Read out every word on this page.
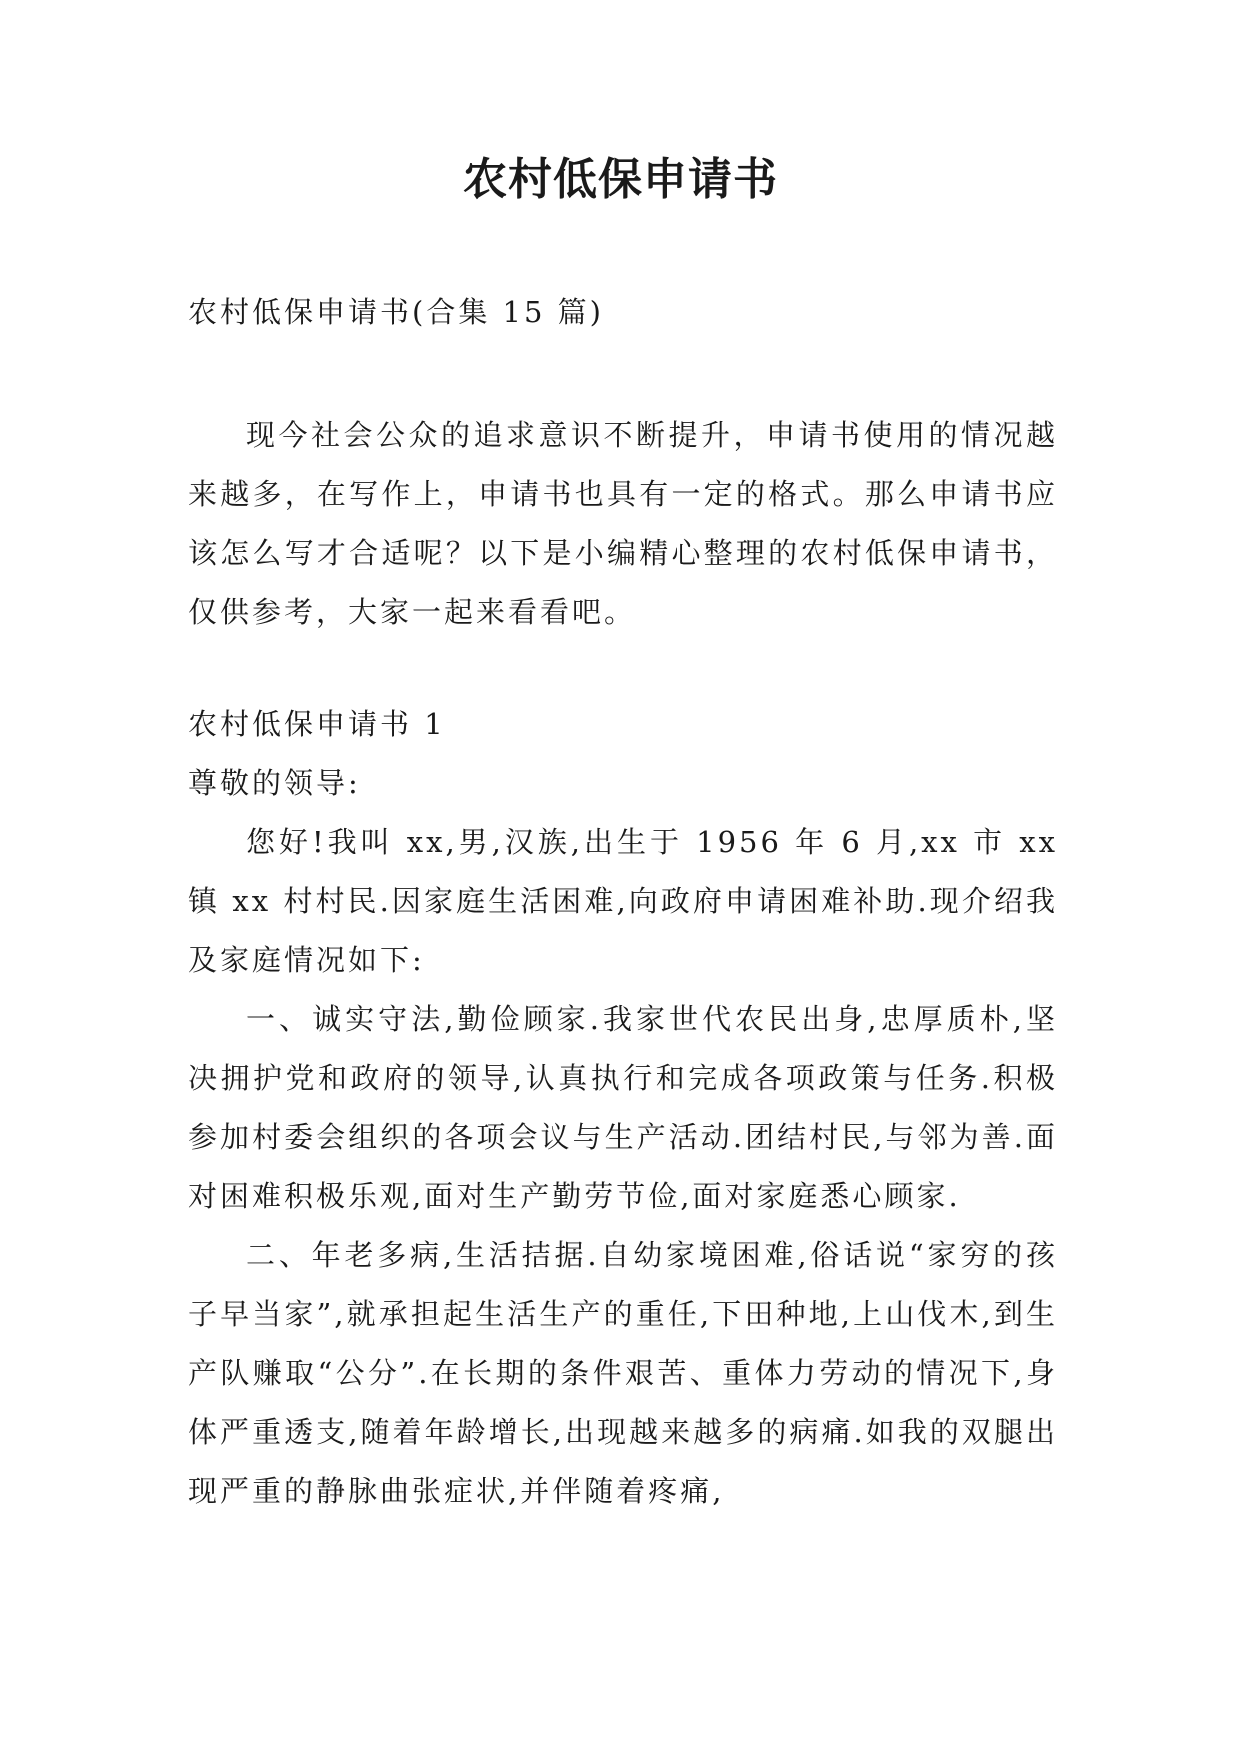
农村低保申请书

农村低保申请书(合集 15 篇)

现今社会公众的追求意识不断提升，申请书使用的情况越来越多，在写作上，申请书也具有一定的格式。那么申请书应该怎么写才合适呢？以下是小编精心整理的农村低保申请书，仅供参考，大家一起来看看吧。

农村低保申请书 1

尊敬的领导:

您好!我叫 xx,男,汉族,出生于 1956 年 6 月,xx 市 xx 镇 xx 村村民.因家庭生活困难,向政府申请困难补助.现介绍我及家庭情况如下:

一、诚实守法,勤俭顾家.我家世代农民出身,忠厚质朴,坚决拥护党和政府的领导,认真执行和完成各项政策与任务.积极参加村委会组织的各项会议与生产活动.团结村民,与邻为善.面对困难积极乐观,面对生产勤劳节俭,面对家庭悉心顾家.

二、年老多病,生活拮据.自幼家境困难,俗话说“家穷的孩子早当家”,就承担起生活生产的重任,下田种地,上山伐木,到生产队赚取“公分”.在长期的条件艰苦、重体力劳动的情况下,身体严重透支,随着年龄增长,出现越来越多的病痛.如我的双腿出现严重的静脉曲张症状,并伴随着疼痛,
